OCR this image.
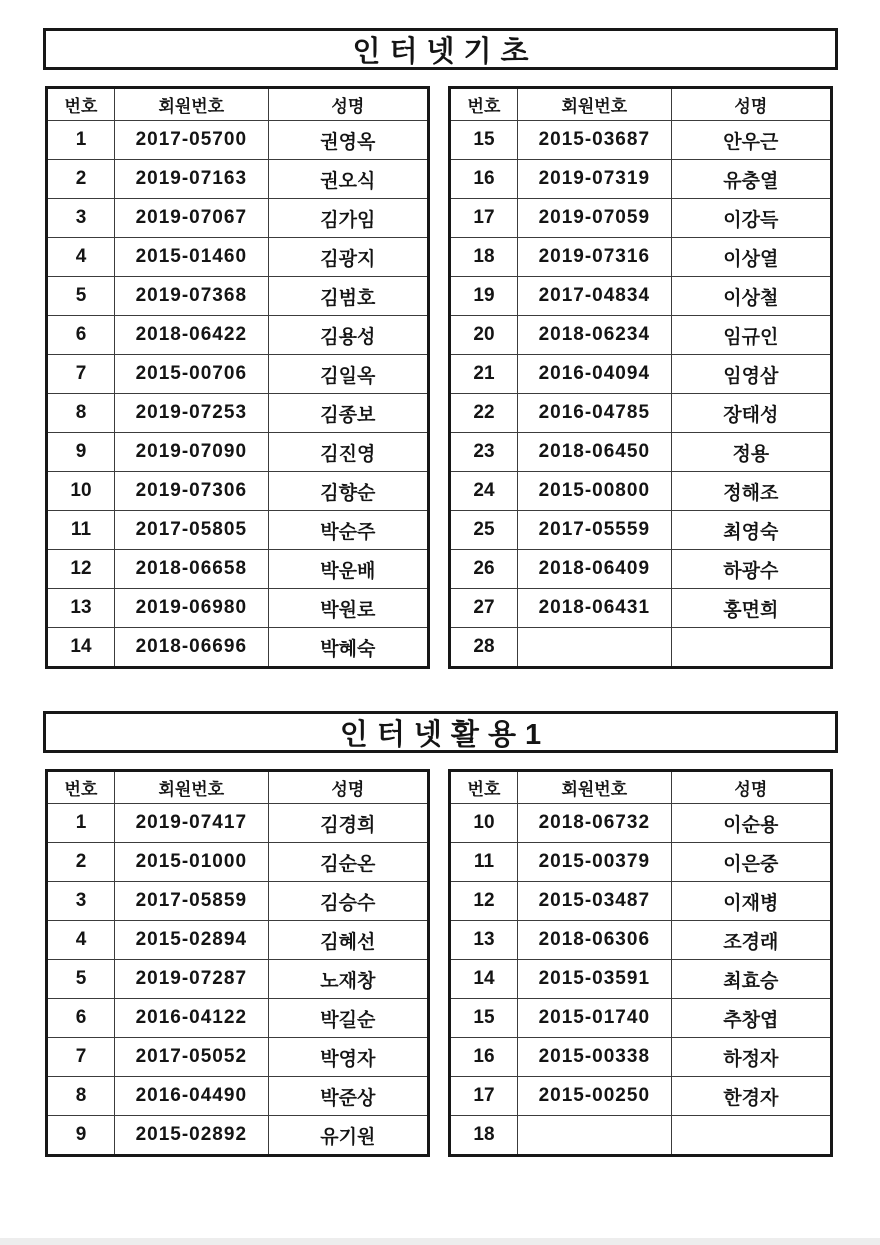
인터넷기초
번호	회원번호	성명
1	2017-05700	권영옥
2	2019-07163	권오식
3	2019-07067	김가임
4	2015-01460	김광지
5	2019-07368	김범호
6	2018-06422	김용성
7	2015-00706	김일옥
8	2019-07253	김종보
9	2019-07090	김진영
10	2019-07306	김향순
11	2017-05805	박순주
12	2018-06658	박운배
13	2019-06980	박원로
14	2018-06696	박혜숙
번호	회원번호	성명
15	2015-03687	안우근
16	2019-07319	유충열
17	2019-07059	이강득
18	2019-07316	이상열
19	2017-04834	이상철
20	2018-06234	임규인
21	2016-04094	임영삼
22	2016-04785	장태성
23	2018-06450	정용
24	2015-00800	정해조
25	2017-05559	최영숙
26	2018-06409	하광수
27	2018-06431	홍면희
28		
인터넷활용1
번호	회원번호	성명
1	2019-07417	김경희
2	2015-01000	김순온
3	2017-05859	김승수
4	2015-02894	김혜선
5	2019-07287	노재창
6	2016-04122	박길순
7	2017-05052	박영자
8	2016-04490	박준상
9	2015-02892	유기원
번호	회원번호	성명
10	2018-06732	이순용
11	2015-00379	이은중
12	2015-03487	이재병
13	2018-06306	조경래
14	2015-03591	최효승
15	2015-01740	추창엽
16	2015-00338	하정자
17	2015-00250	한경자
18		
